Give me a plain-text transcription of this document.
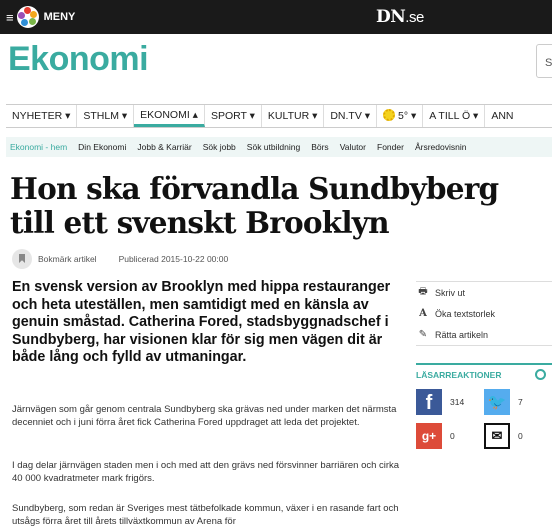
≡	MENY	DN.se
Ekonomi	S
NYHETER ▾	STHLM ▾	EKONOMI ▴	SPORT ▾	KULTUR ▾	DN.TV ▾	5° ▾	A TILL Ö ▾	ANN
Ekonomi - hem Din Ekonomi Jobb & Karriär Sök jobb Sök utbildning Börs Valutor Fonder Årsredovisnin
Hon ska förvandla Sundbyberg till ett svenskt Brooklyn
Bokmärk artikel	Publicerad 2015-10-22 00:00

En svensk version av Brooklyn med hippa restauranger och heta uteställen, men samtidigt med en känsla av genuin småstad. Catherina Fored, stadsbyggnadschef i Sundbyberg, har visionen klar för sig men vägen dit är både lång och fylld av utmaningar.

Järnvägen som går genom centrala Sundbyberg ska grävas ned under marken det närmsta decenniet och i juni förra året fick Catherina Fored uppdraget att leda det projektet.

I dag delar järnvägen staden men i och med att den grävs ned försvinner barriären och cirka 40 000 kvadratmeter mark frigörs.

Sundbyberg, som redan är Sveriges mest tätbefolkade kommun, växer i en rasande fart och utsågs förra året till årets tillväxtkommun av Arena för

🖶 Skriv ut
A Öka textstorlek
✎ Rätta artikeln
LÄSARREAKTIONER
f	314 🐦	7
g+	0	✉	0
